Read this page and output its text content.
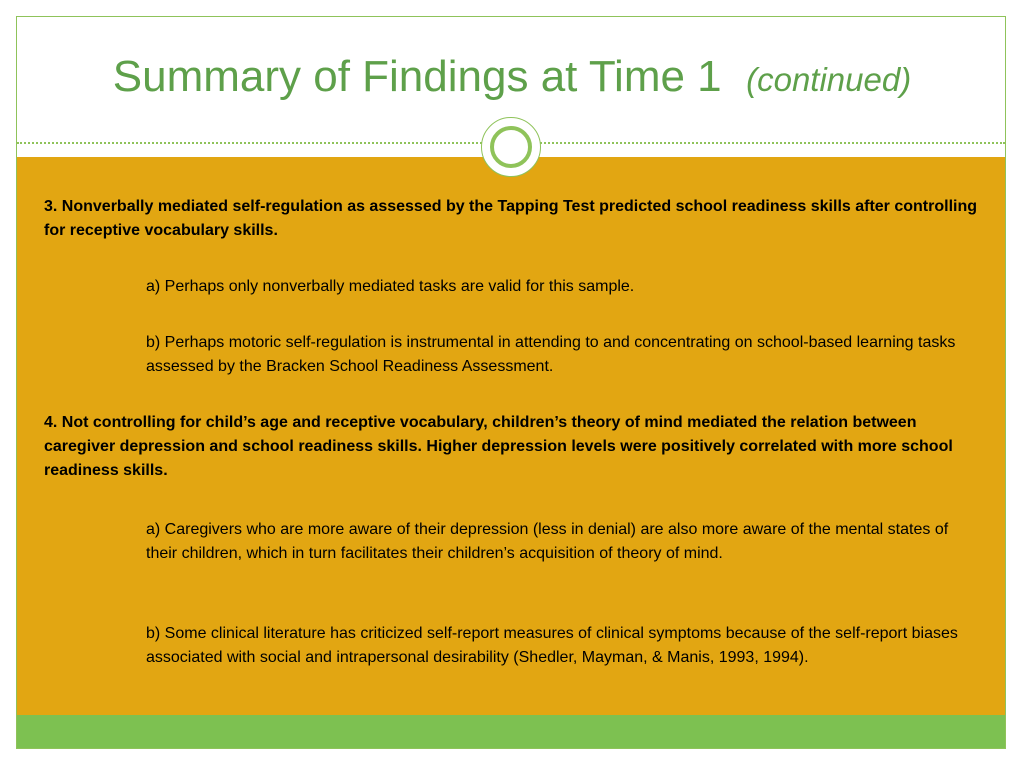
Summary of Findings at Time 1 (continued)

3. Nonverbally mediated self-regulation as assessed by the Tapping Test predicted school readiness skills after controlling for receptive vocabulary skills.

a) Perhaps only nonverbally mediated tasks are valid for this sample.

b) Perhaps motoric self-regulation is instrumental in attending to and concentrating on school-based learning tasks assessed by the Bracken School Readiness Assessment.

4. Not controlling for child’s age and receptive vocabulary, children’s theory of mind mediated the relation between caregiver depression and school readiness skills. Higher depression levels were positively correlated with more school readiness skills.

a) Caregivers who are more aware of their depression (less in denial) are also more aware of the mental states of their children, which in turn facilitates their children’s acquisition of theory of mind.

b) Some clinical literature has criticized self-report measures of clinical symptoms because of the self-report biases associated with social and intrapersonal desirability (Shedler, Mayman, & Manis, 1993, 1994).
